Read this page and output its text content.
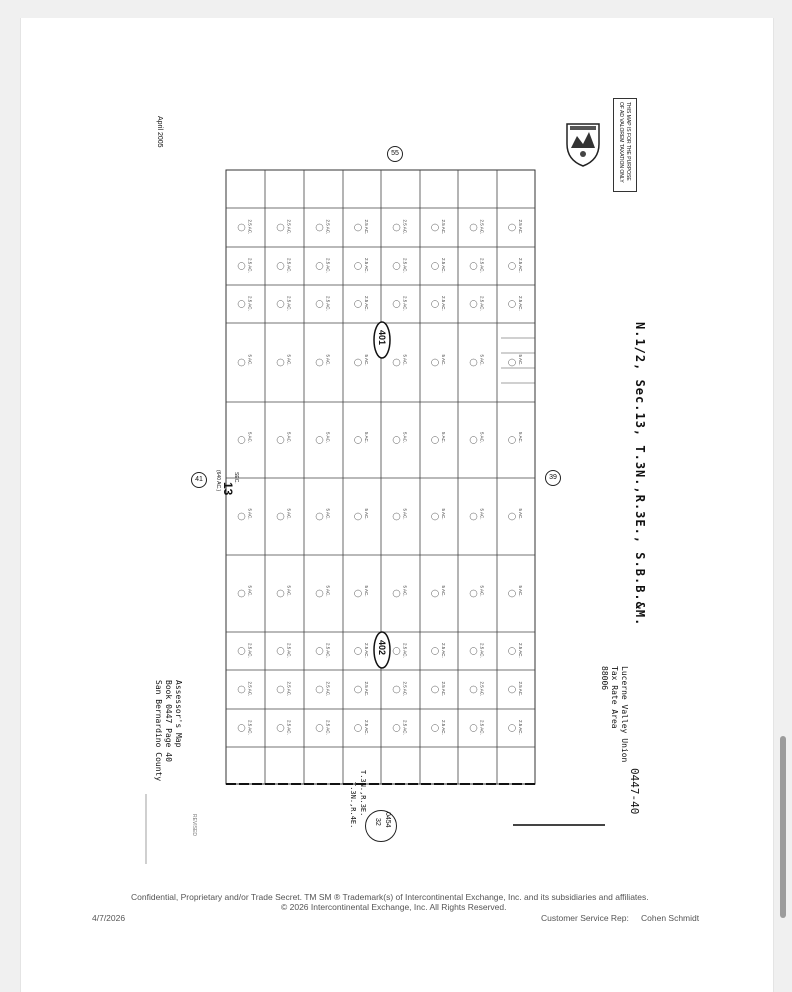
2.5 AC.	2.5 AC.	2.5 AC.	2.5 AC.	2.5 AC.	2.5 AC.	2.5 AC.	2.5 AC.
2.5 AC.	2.5 AC.	2.5 AC.	2.5 AC.	2.5 AC.	2.5 AC.	2.5 AC.	2.5 AC.
2.5 AC.	2.5 AC.	2.5 AC.	2.5 AC.	2.5 AC.	2.5 AC.	2.5 AC.	2.5 AC.
5 AC.	5 AC.	5 AC.	5 AC.	5 AC.	5 AC.	5 AC.	5 AC.
5 AC.	5 AC.	5 AC.	5 AC.	5 AC.	5 AC.	5 AC.	5 AC.
5 AC.	5 AC.	5 AC.	5 AC.	5 AC.	5 AC.	5 AC.	5 AC.
5 AC.	5 AC.	5 AC.	5 AC.	5 AC.	5 AC.	5 AC.	5 AC.
2.5 AC.	2.5 AC.	2.5 AC.	2.5 AC.	2.5 AC.	2.5 AC.	2.5 AC.	2.5 AC.
2.5 AC.	2.5 AC.	2.5 AC.	2.5 AC.	2.5 AC.	2.5 AC.	2.5 AC.	2.5 AC.
2.5 AC.	2.5 AC.	2.5 AC.	2.5 AC.	2.5 AC.	2.5 AC.	2.5 AC.	2.5 AC.
401
402
N.1/2, Sec.13, T.3N.,R.3E., S.B.B.&M.
April 2005	THIS MAP IS FOR THE PURPOSE
OF AD VALOREM TAXATION ONLY
Assessor's Map
Book 0447 Page 40
San Bernardino County	Lucerne Valley Union
Tax Rate Area
88006
0447-40
55
39
41
0454
32
T.3N.,R.3E.
T.3N.,R.4E.
REVISED
SEC.
13
(640 AC.)
Confidential, Proprietary and/or Trade Secret. TM SM ® Trademark(s) of Intercontinental Exchange, Inc. and its subsidiaries and affiliates.
© 2026 Intercontinental Exchange, Inc. All Rights Reserved.
4/7/2026	Customer Service Rep: Cohen Schmidt
